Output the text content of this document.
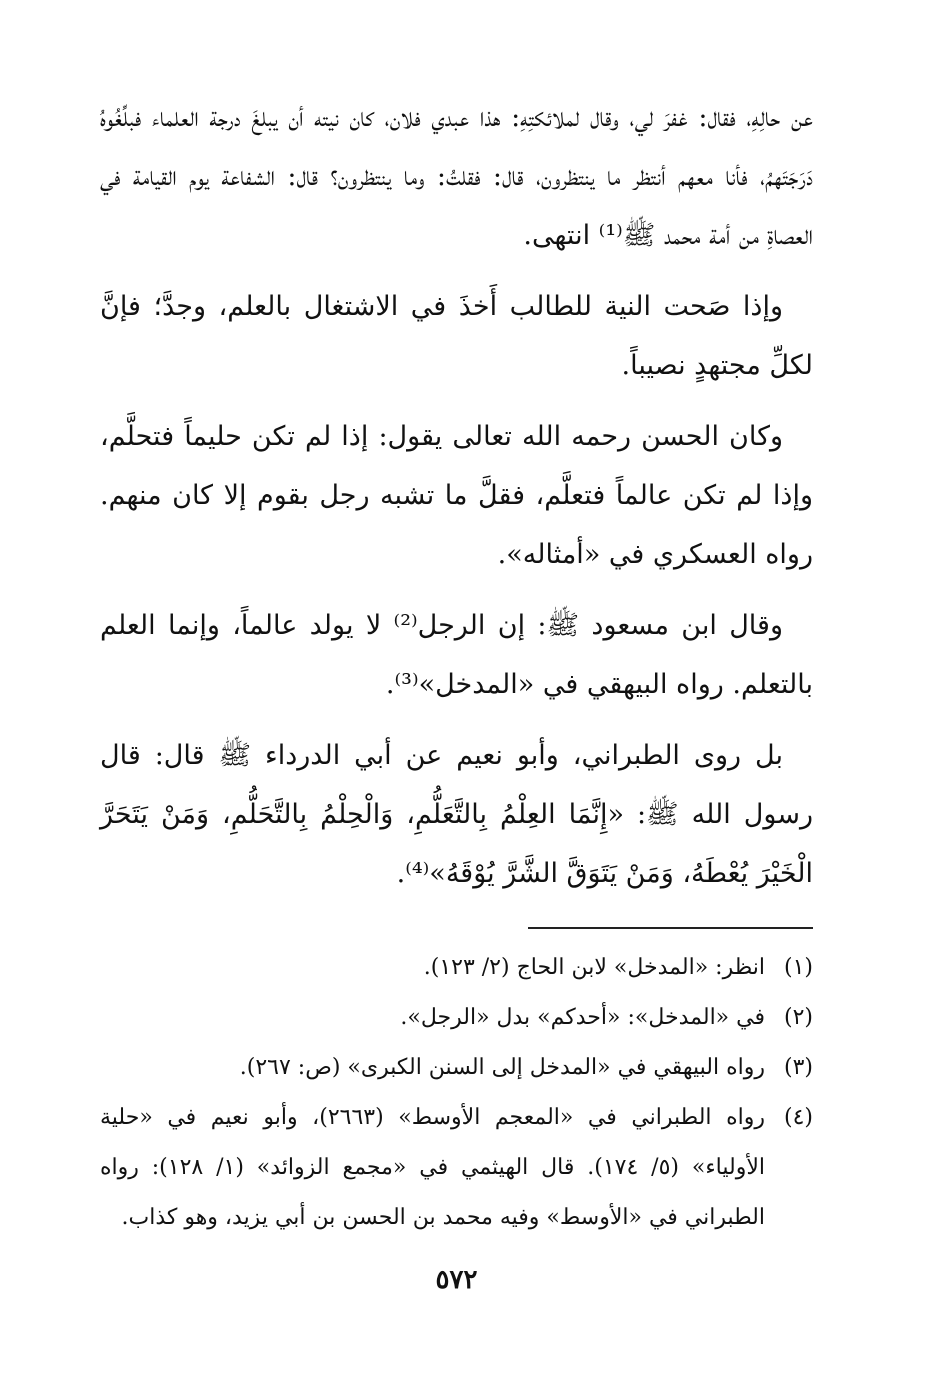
عن حالِهِ، فقال: غفرَ لي، وقال لملائكتِهِ: هذا عبدي فلان، كان نيته أن يبلغَ درجة العلماء فبلِّغُوهُ دَرَجَتَهمُ، فأنا معهم أنتظر ما ينتظرون، قال: فقلتُ: وما ينتظرون؟ قال: الشفاعة يوم القيامة في العصاةِ من أمة محمد ﷺ⁽¹⁾ انتهى.

وإذا صَحت النية للطالب أَخذَ في الاشتغال بالعلم، وجدَّ؛ فإنَّ لكلِّ مجتهدٍ نصيباً.

وكان الحسن رحمه الله تعالى يقول: إذا لم تكن حليماً فتحلَّم، وإذا لم تكن عالماً فتعلَّم، فقلَّ ما تشبه رجل بقوم إلا كان منهم. رواه العسكري في «أمثاله».

وقال ابن مسعود ﷺ: إن الرجل⁽²⁾ لا يولد عالماً، وإنما العلم بالتعلم. رواه البيهقي في «المدخل»⁽³⁾.

بل روى الطبراني، وأبو نعيم عن أبي الدرداء ﷺ قال: قال رسول الله ﷺ: «إِنَّمَا العِلْمُ بِالتَّعَلُّمِ، وَالْحِلْمُ بِالتَّحَلُّمِ، وَمَنْ يَتَحَرَّ الْخَيْرَ يُعْطَهُ، وَمَنْ يَتَوَقَّ الشَّرَّ يُوْقَهُ»⁽⁴⁾.

(١)
انظر: «المدخل» لابن الحاج (٢/ ١٢٣).
(٢)
في «المدخل»: «أحدكم» بدل «الرجل».
(٣)
رواه البيهقي في «المدخل إلى السنن الكبرى» (ص: ٢٦٧).
(٤)
رواه الطبراني في «المعجم الأوسط» (٢٦٦٣)، وأبو نعيم في «حلية الأولياء» (٥/ ١٧٤). قال الهيثمي في «مجمع الزوائد» (١/ ١٢٨): رواه الطبراني في «الأوسط» وفيه محمد بن الحسن بن أبي يزيد، وهو كذاب.
٥٧٢
